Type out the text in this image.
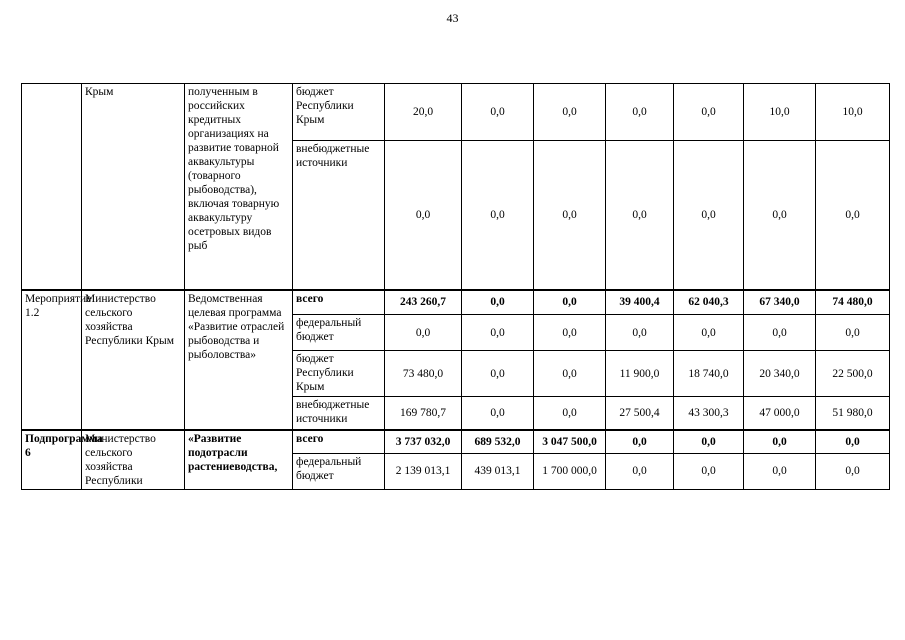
43
	Крым	полученным в российских кредитных организациях на развитие товарной аквакультуры (товарного рыбоводства), включая товарную аквакультуру осетровых видов рыб	бюджет Республики Крым	20,0	0,0	0,0	0,0	0,0	10,0	10,0
			внебюджетные источники	0,0	0,0	0,0	0,0	0,0	0,0	0,0
Мероприятие 1.2	Министерство сельского хозяйства Республики Крым	Ведомственная целевая программа «Развитие отраслей рыбоводства и рыболовства»	всего	243 260,7	0,0	0,0	39 400,4	62 040,3	67 340,0	74 480,0
			федеральный бюджет	0,0	0,0	0,0	0,0	0,0	0,0	0,0
			бюджет Республики Крым	73 480,0	0,0	0,0	11 900,0	18 740,0	20 340,0	22 500,0
			внебюджетные источники	169 780,7	0,0	0,0	27 500,4	43 300,3	47 000,0	51 980,0
Подпрограмма 6	Министерство сельского хозяйства Республики	«Развитие подотрасли растениеводства,	всего	3 737 032,0	689 532,0	3 047 500,0	0,0	0,0	0,0	0,0
			федеральный бюджет	2 139 013,1	439 013,1	1 700 000,0	0,0	0,0	0,0	0,0
